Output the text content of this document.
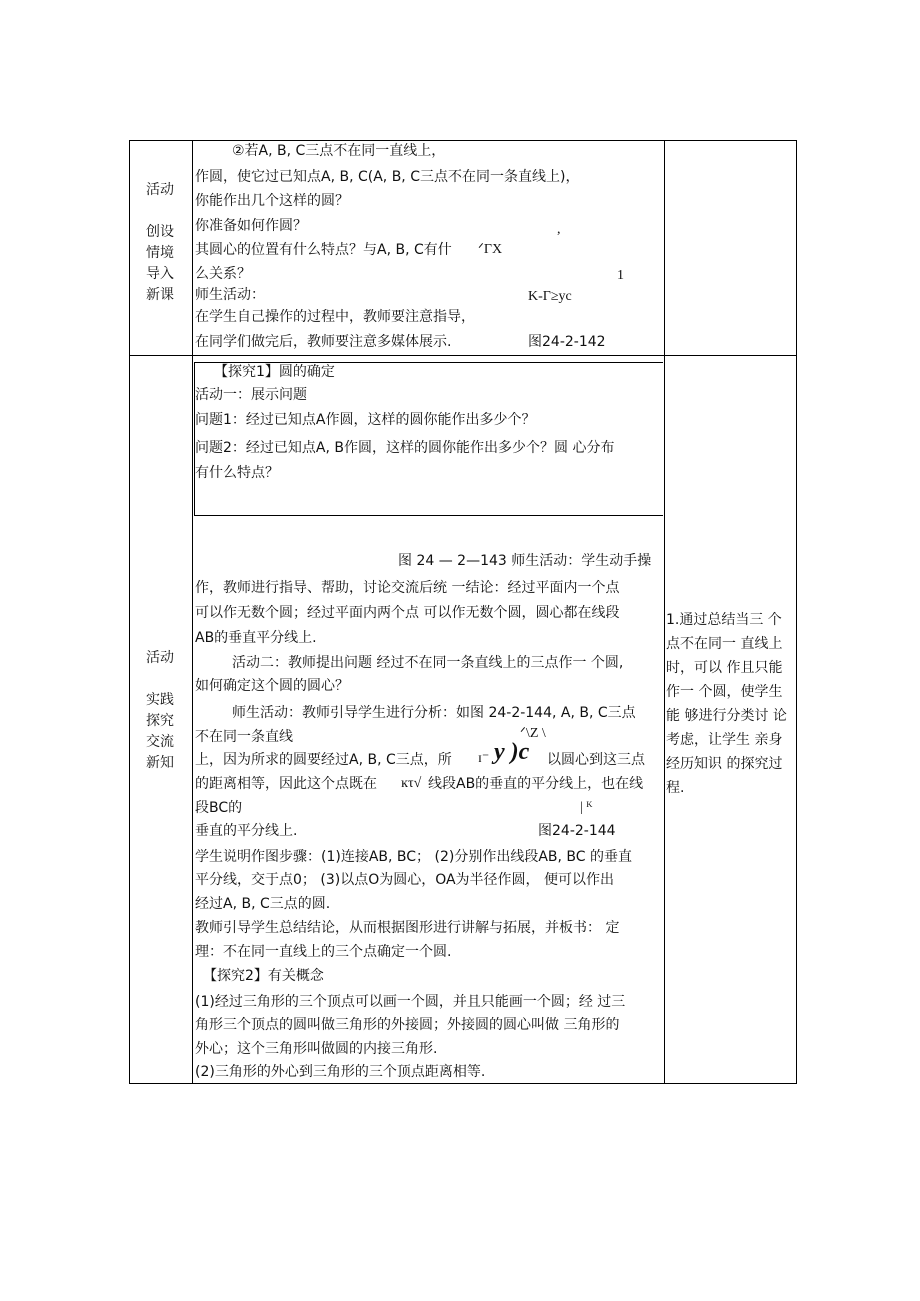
活动
创设
情境
导入
新课
②若A, B, C三点不在同一直线上，
作圆，使它过已知点A, B, C(A, B, C三点不在同一条直线上)，
你能作出几个这样的圆？
你准备如何作圆？
其圆心的位置有什么特点？与A, B, C有什
么关系？
师生活动：
在学生自己操作的过程中，教师要注意指导，
在同学们做完后，教师要注意多媒体展示.
,
ᐟΓX
1
K-Γ≥yc
图24-2-142
活动
实践
探究
交流
新知
【探究1】圆的确定
活动一：展示问题
问题1：经过已知点A作圆，这样的圆你能作出多少个？
问题2：经过已知点A, B作圆，这样的圆你能作出多少个？圆 心分布
有什么特点？
图 24 — 2—143 师生活动：学生动手操
作，教师进行指导、帮助，讨论交流后统 一结论：经过平面内一个点
可以作无数个圆；经过平面内两个点 可以作无数个圆，圆心都在线段
AB的垂直平分线上.
活动二：教师提出问题 经过不在同一条直线上的三点作一 个圆,
如何确定这个圆的圆心？
师生活动：教师引导学生进行分析：如图 24-2-144, A, B, C三点
不在同一条直线
上，因为所求的圆要经过A, B, C三点，所	以圆心到这三点
的距离相等，因此这个点既在	线段AB的垂直的平分线上，也在线
段BC的
垂直的平分线上.
学生说明作图步骤：(1)连接AB, BC； (2)分别作出线段AB, BC 的垂直
平分线，交于点0； (3)以点O为圆心，OA为半径作圆， 便可以作出
经过A, B, C三点的圆.
教师引导学生总结结论，从而根据图形进行讲解与拓展，并板书： 定
理：不在同一直线上的三个点确定一个圆.
【探究2】有关概念
(1)经过三角形的三个顶点可以画一个圆，并且只能画一个圆；经 过三
角形三个顶点的圆叫做三角形的外接圆；外接圆的圆心叫做 三角形的
外心；这个三角形叫做圆的内接三角形.
(2)三角形的外心到三角形的三个顶点距离相等.
ᐟ\Z \
ɪ⁻ y )c
ĸτ√
| ᴷ
图24-2-144
1.通过总结当三 个点不在同一 直线上时，可以 作且只能作一 个圆，使学生能 够进行分类讨 论考虑，让学生 亲身经历知识 的探究过程.
